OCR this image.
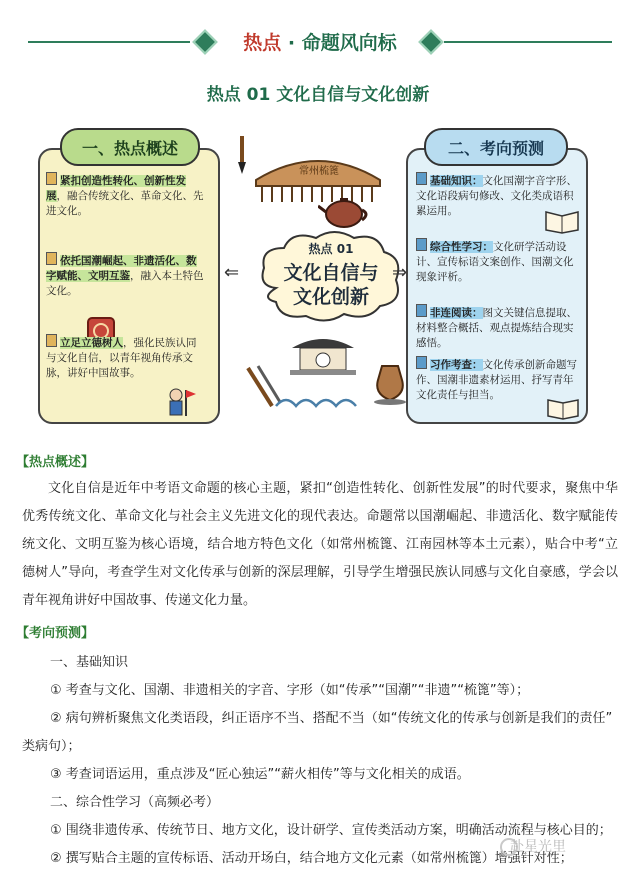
热点 · 命题风向标
热点 01 文化自信与文化创新
一、热点概述
紧扣创造性转化、创新性发展，融合传统文化、革命文化、先进文化。
依托国潮崛起、非遗活化、数字赋能、文明互鉴，融入本土特色文化。
立足立德树人，强化民族认同与文化自信，以青年视角传承文脉，讲好中国故事。
二、考向预测
基础知识：文化国潮字音字形、文化语段病句修改、文化类成语积累运用。
综合性学习：文化研学活动设计、宣传标语文案创作、国潮文化现象评析。
非连阅读：图文关键信息提取、材料整合概括、观点提炼结合现实感悟。
习作考查：文化传承创新命题写作、国潮非遗素材运用、抒写青年文化责任与担当。
常州梳篦
热点 01
文化自信与
文化创新
⇐	⇒
【热点概述】
文化自信是近年中考语文命题的核心主题，紧扣“创造性转化、创新性发展”的时代要求，聚焦中华优秀传统文化、革命文化与社会主义先进文化的现代表达。命题常以国潮崛起、非遗活化、数字赋能传统文化、文明互鉴为核心语境，结合地方特色文化（如常州梳篦、江南园林等本土元素），贴合中考“立德树人”导向，考查学生对文化传承与创新的深层理解，引导学生增强民族认同感与文化自豪感，学会以青年视角讲好中国故事、传递文化力量。
【考向预测】
一、基础知识
① 考查与文化、国潮、非遗相关的字音、字形（如“传承”“国潮”“非遗”“梳篦”等）；
② 病句辨析聚焦文化类语段，纠正语序不当、搭配不当（如“传统文化的传承与创新是我们的责任”
类病句）；
③ 考查词语运用，重点涉及“匠心独运”“薪火相传”等与文化相关的成语。
二、综合性学习（高频必考）
① 围绕非遗传承、传统节日、地方文化，设计研学、宣传类活动方案，明确活动流程与核心目的；
② 撰写贴合主题的宣传标语、活动开场白，结合地方文化元素（如常州梳篦）增强针对性；
赴星光里
